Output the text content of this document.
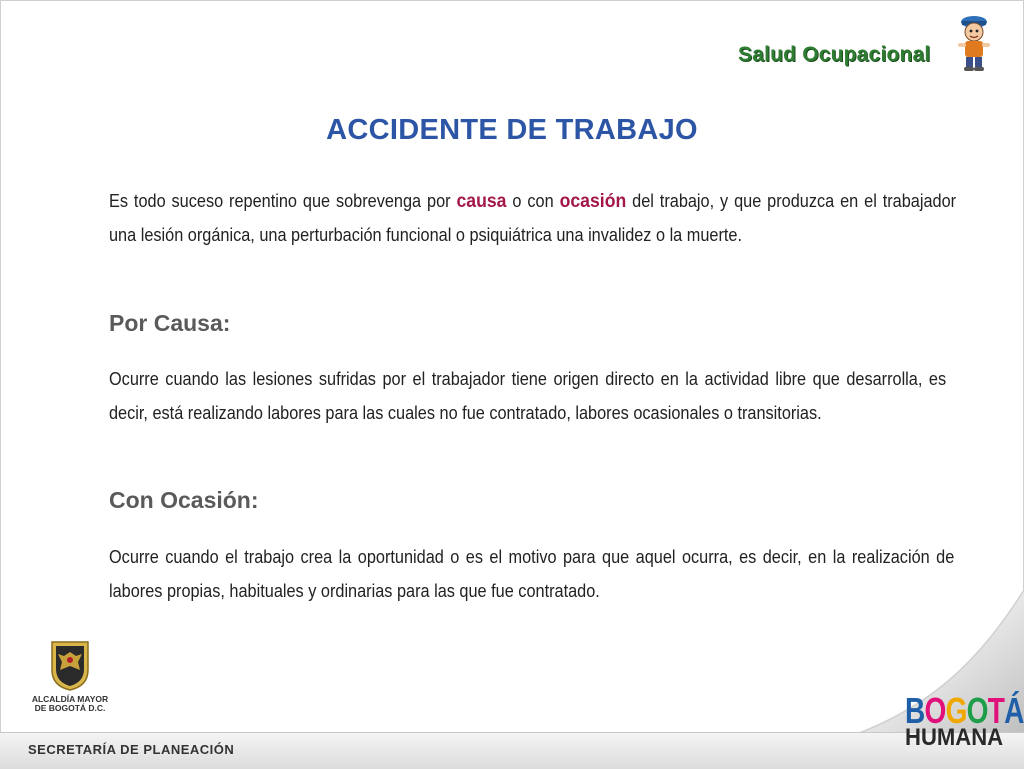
Salud Ocupacional
ACCIDENTE DE TRABAJO

Es todo suceso repentino que sobrevenga por causa o con ocasión del trabajo, y que produzca en el trabajador una lesión orgánica, una perturbación funcional o psiquiátrica una invalidez o la muerte.

Por Causa:

Ocurre cuando las lesiones sufridas por el trabajador tiene origen directo en la actividad libre que desarrolla, es decir, está realizando labores para las cuales no fue contratado, labores ocasionales o transitorias.

Con Ocasión:

Ocurre cuando el trabajo crea la oportunidad o es el motivo para que aquel ocurra, es decir, en la realización de labores propias, habituales y ordinarias para las que fue contratado.

ALCALDÍA MAYOR
DE BOGOTÁ D.C.

SECRETARÍA DE PLANEACIÓN

BOGOTÁ
HUMANA
